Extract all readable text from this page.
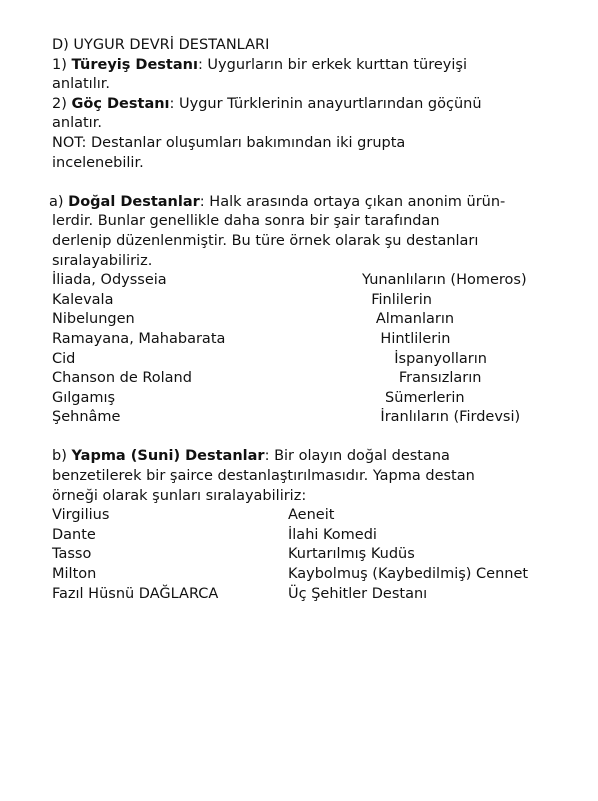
D) UYGUR DEVRİ DESTANLARI
1) Türeyiş Destanı: Uygurların bir erkek kurttan türeyişi
anlatılır.
2) Göç Destanı: Uygur Türklerinin anayurtlarından göçünü
anlatır.
NOT: Destanlar oluşumları bakımından iki grupta
incelenebilir.
a) Doğal Destanlar: Halk arasında ortaya çıkan anonim ürün-
lerdir. Bunlar genellikle daha sonra bir şair tarafından
derlenip düzenlenmiştir. Bu türe örnek olarak şu destanları
sıralayabiliriz.
İliada, Odysseia	Yunanlıların (Homeros)
Kalevala	Finlilerin
Nibelungen	Almanların
Ramayana, Mahabarata	Hintlilerin
Cid	İspanyolların
Chanson de Roland	Fransızların
Gılgamış	Sümerlerin
Şehnâme	İranlıların (Firdevsi)
b) Yapma (Suni) Destanlar: Bir olayın doğal destana
benzetilerek bir şairce destanlaştırılmasıdır. Yapma destan
örneği olarak şunları sıralayabiliriz:
Virgilius	Aeneit
Dante	İlahi Komedi
Tasso	Kurtarılmış Kudüs
Milton	Kaybolmuş (Kaybedilmiş) Cennet
Fazıl Hüsnü DAĞLARCA	Üç Şehitler Destanı
